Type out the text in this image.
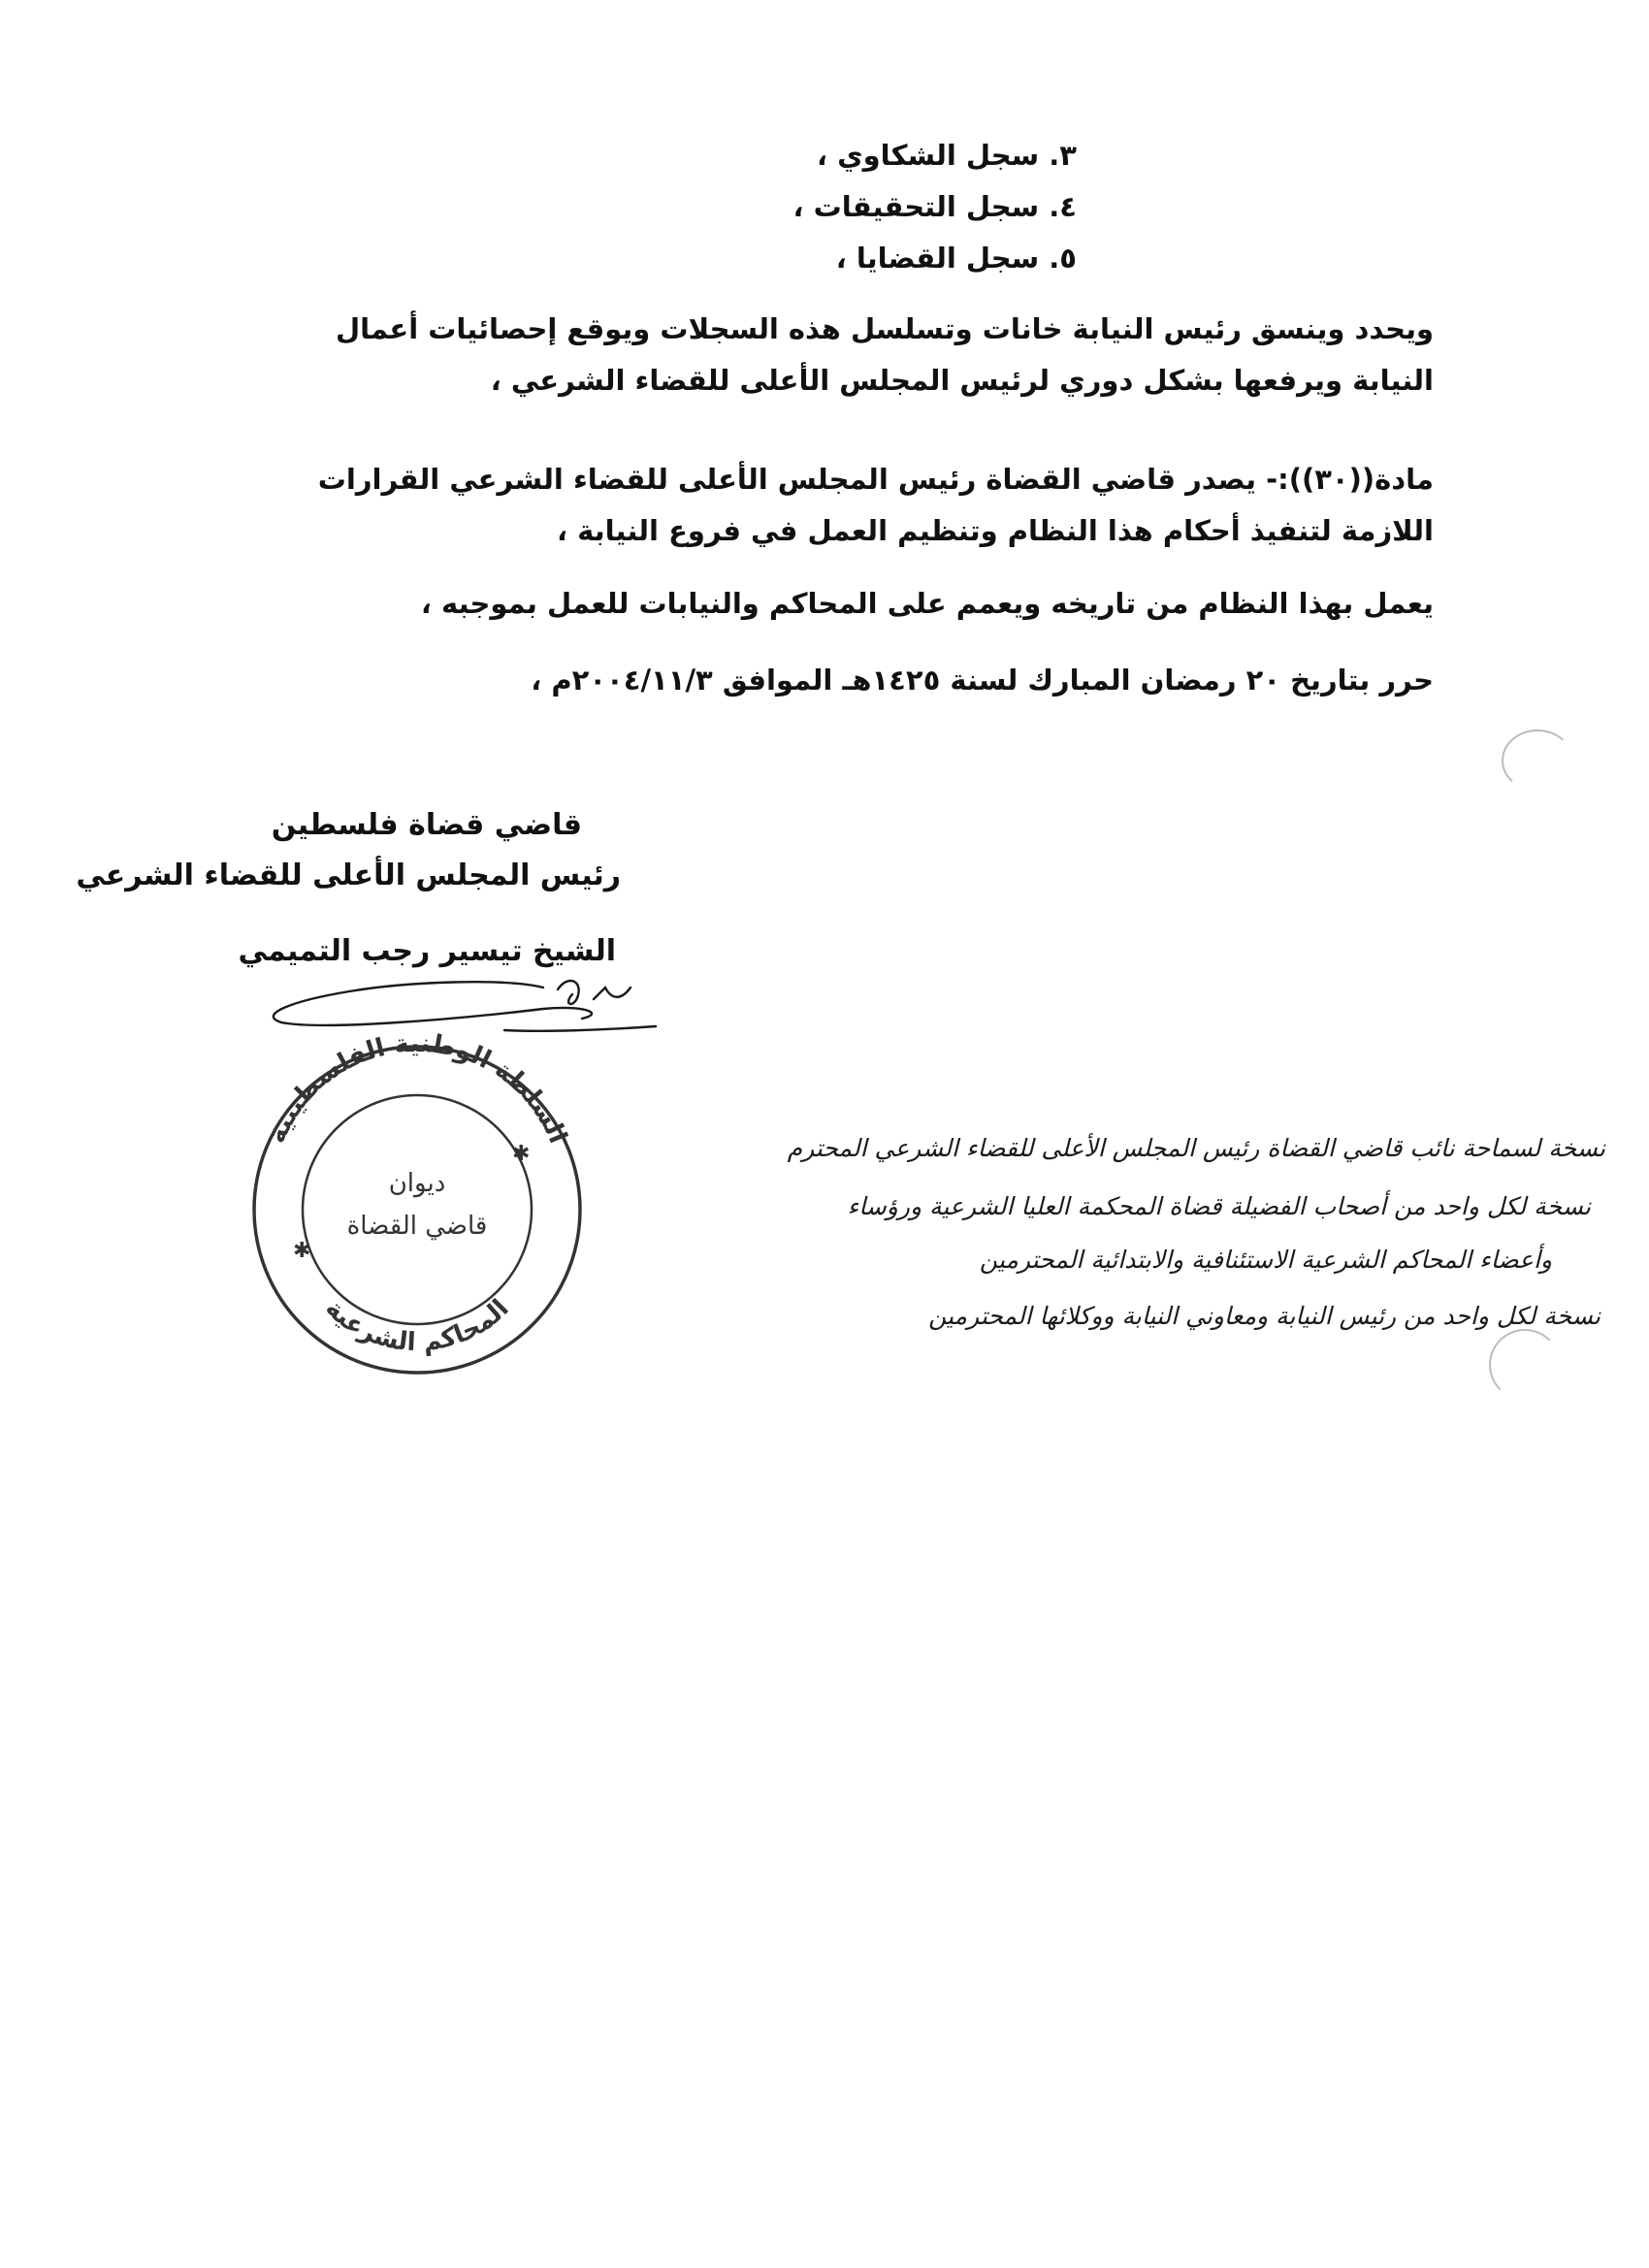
٣. سجل الشكاوي ،
٤. سجل التحقيقات ،
٥. سجل القضايا ،
ويحدد وينسق رئيس النيابة خانات وتسلسل هذه السجلات ويوقع إحصائيات أعمال
النيابة ويرفعها بشكل دوري لرئيس المجلس الأعلى للقضاء الشرعي ،
مادة((٣٠)):- يصدر قاضي القضاة رئيس المجلس الأعلى للقضاء الشرعي القرارات
اللازمة لتنفيذ أحكام هذا النظام وتنظيم العمل في فروع النيابة ،
يعمل بهذا النظام من تاريخه ويعمم على المحاكم والنيابات للعمل بموجبه ،
حرر بتاريخ ٢٠ رمضان المبارك لسنة ١٤٢٥هـ الموافق ٢٠٠٤/١١/٣م ،
قاضي قضاة فلسطين
رئيس المجلس الأعلى للقضاء الشرعي
الشيخ تيسير رجب التميمي
السلطة الوطنية الفلسطينية
المحاكم الشرعية
✱
✱
ديوان
قاضي القضاة
نسخة لسماحة نائب قاضي القضاة رئيس المجلس الأعلى للقضاء الشرعي المحترم
نسخة لكل واحد من أصحاب الفضيلة قضاة المحكمة العليا الشرعية ورؤساء
وأعضاء المحاكم الشرعية الاستئنافية والابتدائية المحترمين
نسخة لكل واحد من رئيس النيابة ومعاوني النيابة ووكلائها المحترمين
